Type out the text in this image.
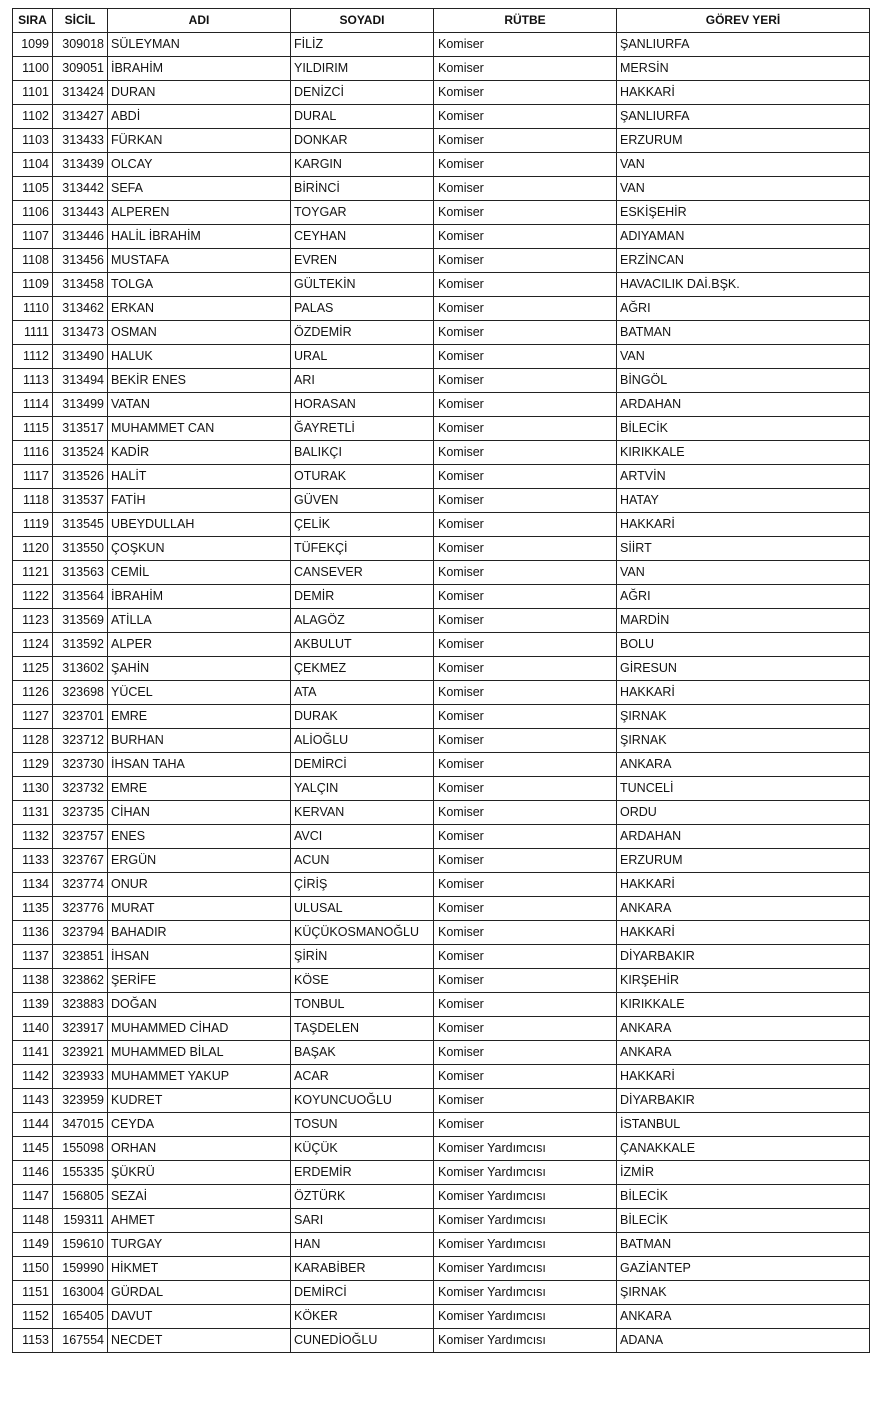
SIRA	SİCİL	ADI	SOYADI	RÜTBE	GÖREV YERİ
1099	309018	SÜLEYMAN	FİLİZ	Komiser	ŞANLIURFA
1100	309051	İBRAHİM	YILDIRIM	Komiser	MERSİN
1101	313424	DURAN	DENİZCİ	Komiser	HAKKARİ
1102	313427	ABDİ	DURAL	Komiser	ŞANLIURFA
1103	313433	FÜRKAN	DONKAR	Komiser	ERZURUM
1104	313439	OLCAY	KARGIN	Komiser	VAN
1105	313442	SEFA	BİRİNCİ	Komiser	VAN
1106	313443	ALPEREN	TOYGAR	Komiser	ESKİŞEHİR
1107	313446	HALİL İBRAHİM	CEYHAN	Komiser	ADIYAMAN
1108	313456	MUSTAFA	EVREN	Komiser	ERZİNCAN
1109	313458	TOLGA	GÜLTEKİN	Komiser	HAVACILIK DAİ.BŞK.
1110	313462	ERKAN	PALAS	Komiser	AĞRI
1111	313473	OSMAN	ÖZDEMİR	Komiser	BATMAN
1112	313490	HALUK	URAL	Komiser	VAN
1113	313494	BEKİR ENES	ARI	Komiser	BİNGÖL
1114	313499	VATAN	HORASAN	Komiser	ARDAHAN
1115	313517	MUHAMMET CAN	ĞAYRETLİ	Komiser	BİLECİK
1116	313524	KADİR	BALIKÇI	Komiser	KIRIKKALE
1117	313526	HALİT	OTURAK	Komiser	ARTVİN
1118	313537	FATİH	GÜVEN	Komiser	HATAY
1119	313545	UBEYDULLAH	ÇELİK	Komiser	HAKKARİ
1120	313550	ÇOŞKUN	TÜFEKÇİ	Komiser	SİİRT
1121	313563	CEMİL	CANSEVER	Komiser	VAN
1122	313564	İBRAHİM	DEMİR	Komiser	AĞRI
1123	313569	ATİLLA	ALAGÖZ	Komiser	MARDİN
1124	313592	ALPER	AKBULUT	Komiser	BOLU
1125	313602	ŞAHİN	ÇEKMEZ	Komiser	GİRESUN
1126	323698	YÜCEL	ATA	Komiser	HAKKARİ
1127	323701	EMRE	DURAK	Komiser	ŞIRNAK
1128	323712	BURHAN	ALİOĞLU	Komiser	ŞIRNAK
1129	323730	İHSAN TAHA	DEMİRCİ	Komiser	ANKARA
1130	323732	EMRE	YALÇIN	Komiser	TUNCELİ
1131	323735	CİHAN	KERVAN	Komiser	ORDU
1132	323757	ENES	AVCI	Komiser	ARDAHAN
1133	323767	ERGÜN	ACUN	Komiser	ERZURUM
1134	323774	ONUR	ÇİRİŞ	Komiser	HAKKARİ
1135	323776	MURAT	ULUSAL	Komiser	ANKARA
1136	323794	BAHADIR	KÜÇÜKOSMANOĞLU	Komiser	HAKKARİ
1137	323851	İHSAN	ŞİRİN	Komiser	DİYARBAKIR
1138	323862	ŞERİFE	KÖSE	Komiser	KIRŞEHİR
1139	323883	DOĞAN	TONBUL	Komiser	KIRIKKALE
1140	323917	MUHAMMED CİHAD	TAŞDELEN	Komiser	ANKARA
1141	323921	MUHAMMED BİLAL	BAŞAK	Komiser	ANKARA
1142	323933	MUHAMMET YAKUP	ACAR	Komiser	HAKKARİ
1143	323959	KUDRET	KOYUNCUOĞLU	Komiser	DİYARBAKIR
1144	347015	CEYDA	TOSUN	Komiser	İSTANBUL
1145	155098	ORHAN	KÜÇÜK	Komiser Yardımcısı	ÇANAKKALE
1146	155335	ŞÜKRÜ	ERDEMİR	Komiser Yardımcısı	İZMİR
1147	156805	SEZAİ	ÖZTÜRK	Komiser Yardımcısı	BİLECİK
1148	159311	AHMET	SARI	Komiser Yardımcısı	BİLECİK
1149	159610	TURGAY	HAN	Komiser Yardımcısı	BATMAN
1150	159990	HİKMET	KARABİBER	Komiser Yardımcısı	GAZİANTEP
1151	163004	GÜRDAL	DEMİRCİ	Komiser Yardımcısı	ŞIRNAK
1152	165405	DAVUT	KÖKER	Komiser Yardımcısı	ANKARA
1153	167554	NECDET	CUNEDİOĞLU	Komiser Yardımcısı	ADANA
